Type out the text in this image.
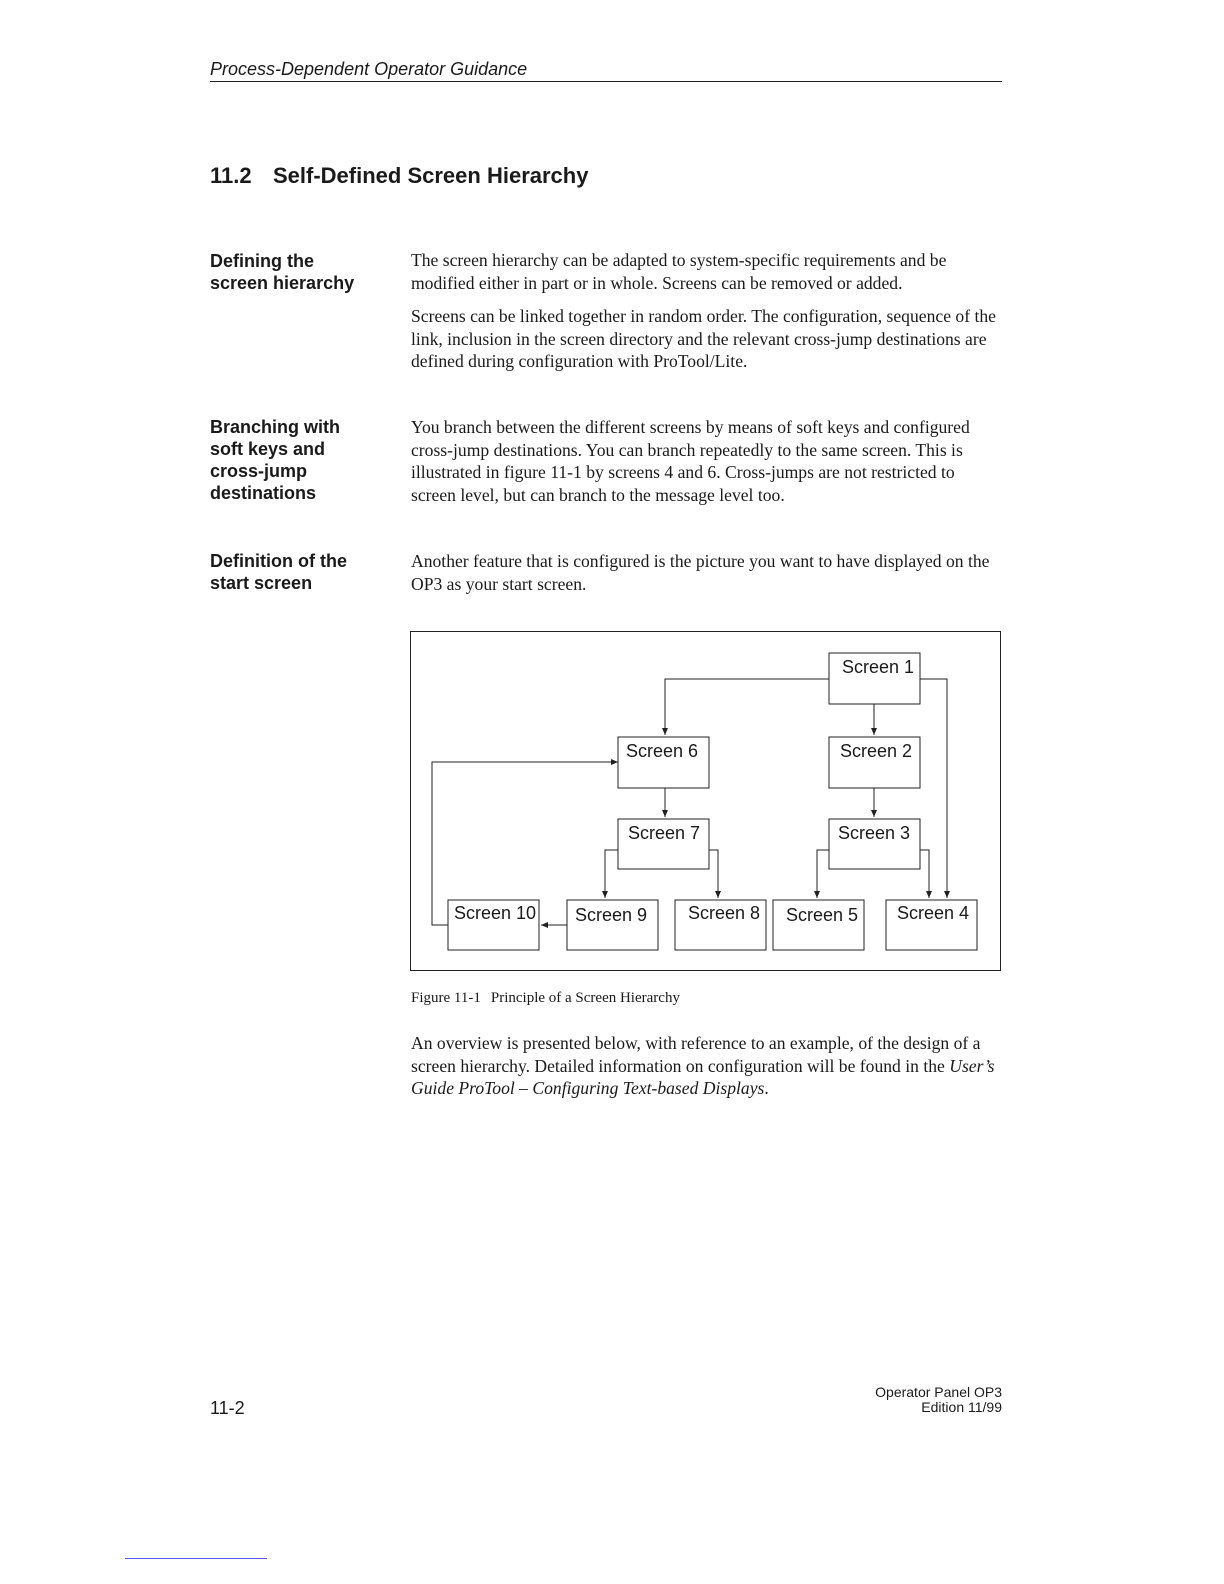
Process-Dependent Operator Guidance
11.2 Self-Defined Screen Hierarchy
Defining the
screen hierarchy

The screen hierarchy can be adapted to system-specific requirements and be modified either in part or in whole. Screens can be removed or added.

Screens can be linked together in random order. The configuration, sequence of the link, inclusion in the screen directory and the relevant cross-jump destinations are defined during configuration with ProTool/Lite.

Branching with
soft keys and
cross-jump
destinations

You branch between the different screens by means of soft keys and configured cross-jump destinations. You can branch repeatedly to the same screen. This is illustrated in figure 11-1 by screens 4 and 6. Cross-jumps are not restricted to screen level, but can branch to the message level too.

Definition of the
start screen

Another feature that is configured is the picture you want to have displayed on the OP3 as your start screen.

Screen 1
Screen 6	Screen 2
Screen 7	Screen 3
Screen 10 Screen 9 Screen 8 Screen 5 Screen 4
Figure 11-1 Principle of a Screen Hierarchy

An overview is presented below, with reference to an example, of the design of a screen hierarchy. Detailed information on configuration will be found in the User’s Guide ProTool – Configuring Text-based Displays.

11-2
Operator Panel OP3
Edition 11/99
